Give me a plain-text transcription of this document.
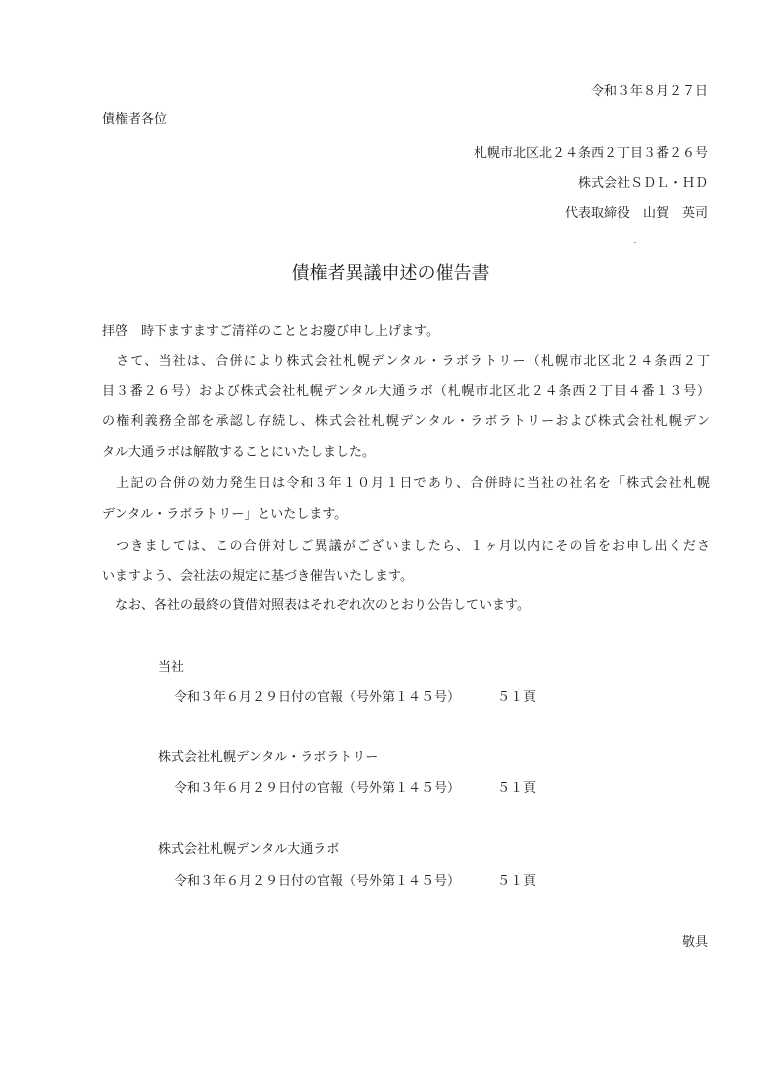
令和３年８月２７日
債権者各位
札幌市北区北２４条西２丁目３番２６号
株式会社ＳＤＬ・ＨＤ
代表取締役　山賀　英司
債権者異議申述の催告書
拝啓　時下ますますご清祥のこととお慶び申し上げます。
　さて、当社は、合併により株式会社札幌デンタル・ラボラトリー（札幌市北区北２４条西２丁
目３番２６号）および株式会社札幌デンタル大通ラボ（札幌市北区北２４条西２丁目４番１３号）
の権利義務全部を承認し存続し、株式会社札幌デンタル・ラボラトリーおよび株式会社札幌デン
タル大通ラボは解散することにいたしました。
　上記の合併の効力発生日は令和３年１０月１日であり、合併時に当社の社名を「株式会社札幌
デンタル・ラボラトリー」といたします。
　つきましては、この合併対しご異議がございましたら、１ヶ月以内にその旨をお申し出くださ
いますよう、会社法の規定に基づき催告いたします。
　なお、各社の最終の貸借対照表はそれぞれ次のとおり公告しています。
当社
令和３年６月２９日付の官報（号外第１４５号）	５１頁
株式会社札幌デンタル・ラボラトリー
令和３年６月２９日付の官報（号外第１４５号）	５１頁
株式会社札幌デンタル大通ラボ
令和３年６月２９日付の官報（号外第１４５号）	５１頁
敬具
